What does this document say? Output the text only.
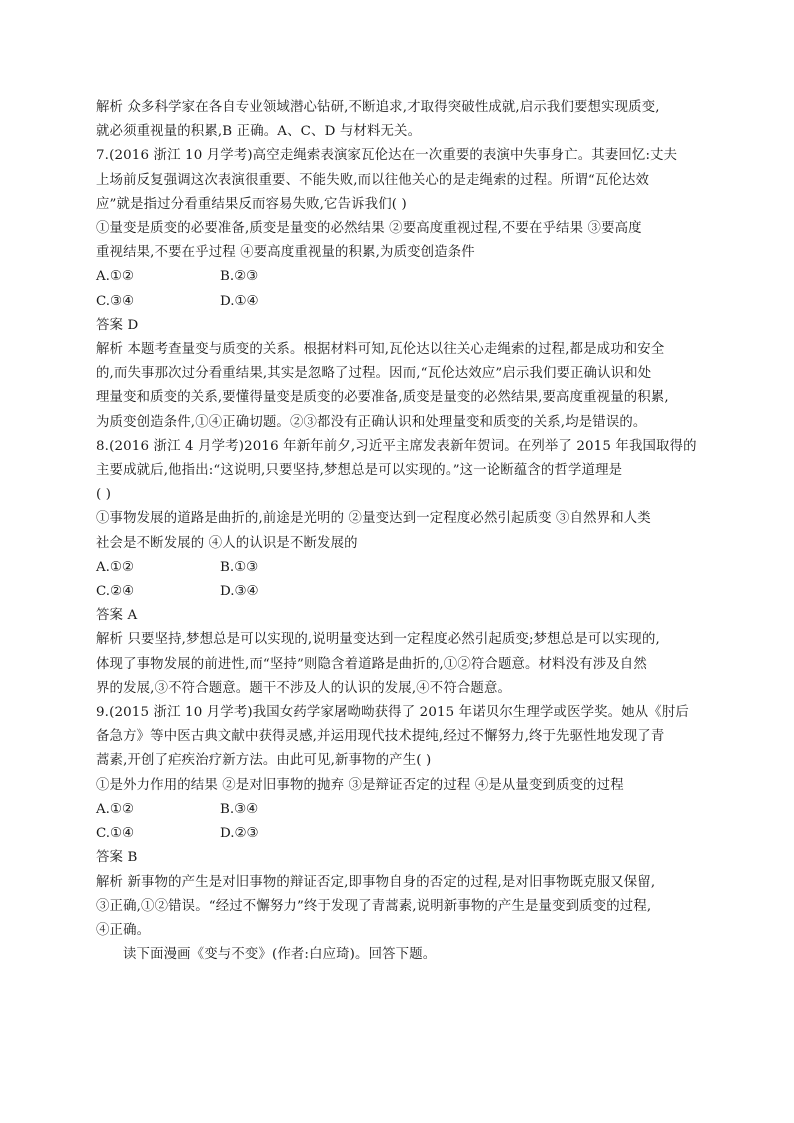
解析 众多科学家在各自专业领域潜心钻研,不断追求,才取得突破性成就,启示我们要想实现质变,
就必须重视量的积累,B 正确。A、C、D 与材料无关。
7.(2016 浙江 10 月学考)高空走绳索表演家瓦伦达在一次重要的表演中失事身亡。其妻回忆:丈夫
上场前反复强调这次表演很重要、不能失败,而以往他关心的是走绳索的过程。所谓“瓦伦达效
应”就是指过分看重结果反而容易失败,它告诉我们( )
①量变是质变的必要准备,质变是量变的必然结果 ②要高度重视过程,不要在乎结果 ③要高度
重视结果,不要在乎过程 ④要高度重视量的积累,为质变创造条件
A.①②	B.②③
C.③④	D.①④
答案 D
解析 本题考查量变与质变的关系。根据材料可知,瓦伦达以往关心走绳索的过程,都是成功和安全
的,而失事那次过分看重结果,其实是忽略了过程。因而,“瓦伦达效应”启示我们要正确认识和处
理量变和质变的关系,要懂得量变是质变的必要准备,质变是量变的必然结果,要高度重视量的积累,
为质变创造条件,①④正确切题。②③都没有正确认识和处理量变和质变的关系,均是错误的。
8.(2016 浙江 4 月学考)2016 年新年前夕,习近平主席发表新年贺词。在列举了 2015 年我国取得的
主要成就后,他指出:“这说明,只要坚持,梦想总是可以实现的。”这一论断蕴含的哲学道理是
( )
①事物发展的道路是曲折的,前途是光明的 ②量变达到一定程度必然引起质变 ③自然界和人类
社会是不断发展的 ④人的认识是不断发展的
A.①②	B.①③
C.②④	D.③④
答案 A
解析 只要坚持,梦想总是可以实现的,说明量变达到一定程度必然引起质变;梦想总是可以实现的,
体现了事物发展的前进性,而“坚持”则隐含着道路是曲折的,①②符合题意。材料没有涉及自然
界的发展,③不符合题意。题干不涉及人的认识的发展,④不符合题意。
9.(2015 浙江 10 月学考)我国女药学家屠呦呦获得了 2015 年诺贝尔生理学或医学奖。她从《肘后
备急方》等中医古典文献中获得灵感,并运用现代技术提纯,经过不懈努力,终于先驱性地发现了青
蒿素,开创了疟疾治疗新方法。由此可见,新事物的产生( )
①是外力作用的结果 ②是对旧事物的抛弃 ③是辩证否定的过程 ④是从量变到质变的过程
A.①②	B.③④
C.①④	D.②③
答案 B
解析 新事物的产生是对旧事物的辩证否定,即事物自身的否定的过程,是对旧事物既克服又保留,
③正确,①②错误。“经过不懈努力”终于发现了青蒿素,说明新事物的产生是量变到质变的过程,
④正确。
读下面漫画《变与不变》(作者:白应琦)。回答下题。
